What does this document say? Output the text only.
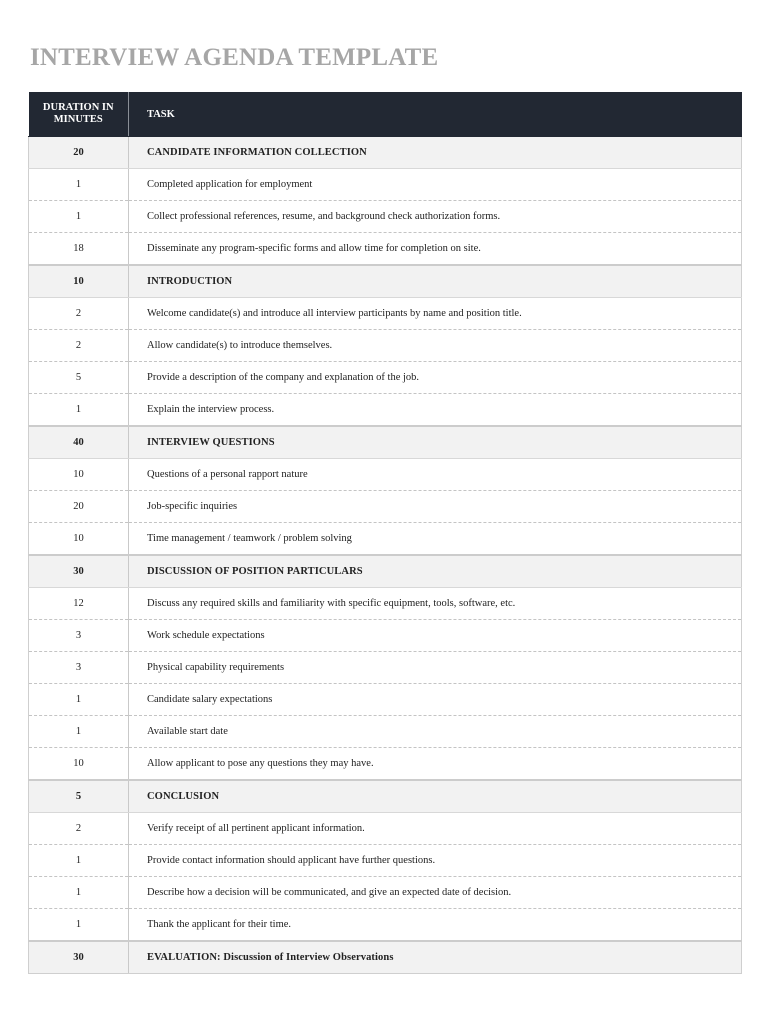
INTERVIEW AGENDA TEMPLATE
DURATION IN MINUTES	TASK
20	CANDIDATE INFORMATION COLLECTION
1	Completed application for employment
1	Collect professional references, resume, and background check authorization forms.
18	Disseminate any program-specific forms and allow time for completion on site.
10	INTRODUCTION
2	Welcome candidate(s) and introduce all interview participants by name and position title.
2	Allow candidate(s) to introduce themselves.
5	Provide a description of the company and explanation of the job.
1	Explain the interview process.
40	INTERVIEW QUESTIONS
10	Questions of a personal rapport nature
20	Job-specific inquiries
10	Time management / teamwork / problem solving
30	DISCUSSION OF POSITION PARTICULARS
12	Discuss any required skills and familiarity with specific equipment, tools, software, etc.
3	Work schedule expectations
3	Physical capability requirements
1	Candidate salary expectations
1	Available start date
10	Allow applicant to pose any questions they may have.
5	CONCLUSION
2	Verify receipt of all pertinent applicant information.
1	Provide contact information should applicant have further questions.
1	Describe how a decision will be communicated, and give an expected date of decision.
1	Thank the applicant for their time.
30	EVALUATION: Discussion of Interview Observations
